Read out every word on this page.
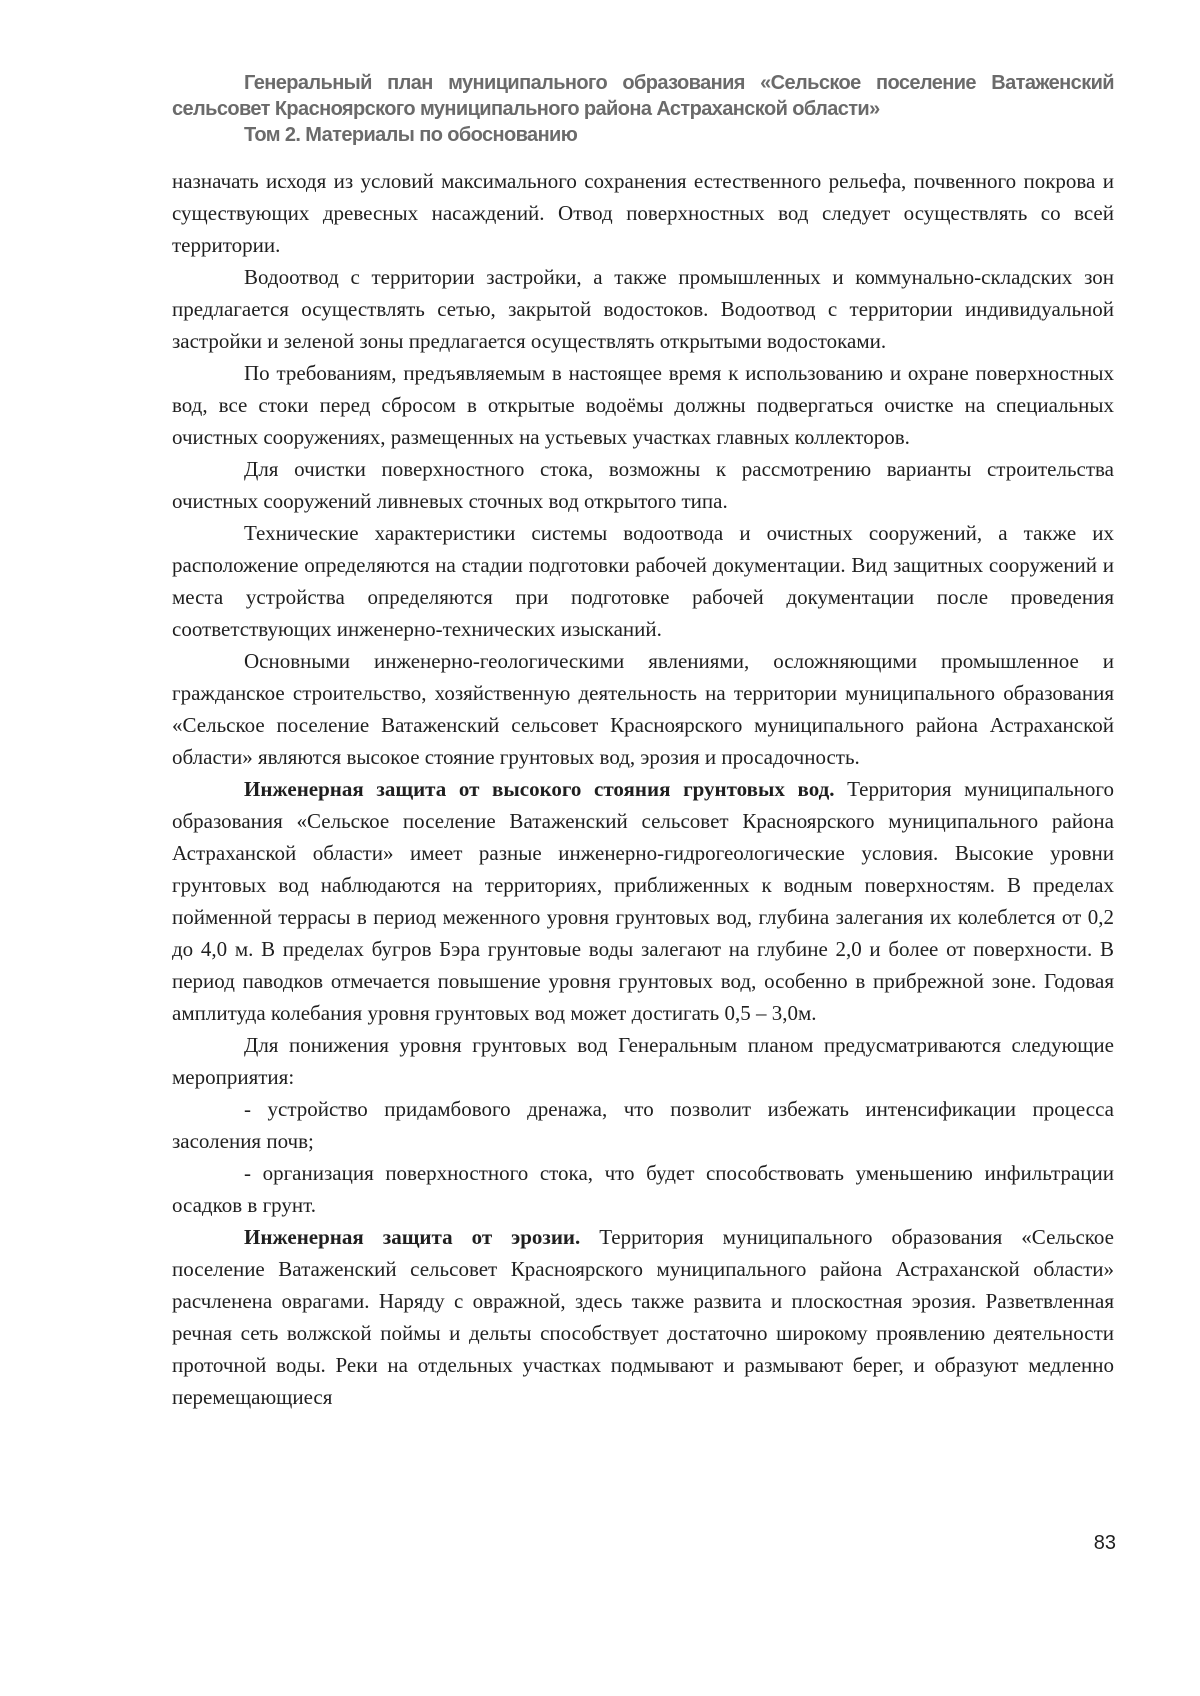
Генеральный план муниципального образования «Сельское поселение Ватаженский
сельсовет Красноярского муниципального района Астраханской области»
Том 2. Материалы по обоснованию

назначать исходя из условий максимального сохранения естественного рельефа, почвенного покрова и существующих древесных насаждений. Отвод поверхностных вод следует осуществлять со всей территории.

Водоотвод с территории застройки, а также промышленных и коммунально-складских зон предлагается осуществлять сетью, закрытой водостоков. Водоотвод с территории индивидуальной застройки и зеленой зоны предлагается осуществлять открытыми водостоками.

По требованиям, предъявляемым в настоящее время к использованию и охране поверхностных вод, все стоки перед сбросом в открытые водоёмы должны подвергаться очистке на специальных очистных сооружениях, размещенных на устьевых участках главных коллекторов.

Для очистки поверхностного стока, возможны к рассмотрению варианты строительства очистных сооружений ливневых сточных вод открытого типа.

Технические характеристики системы водоотвода и очистных сооружений, а также их расположение определяются на стадии подготовки рабочей документации. Вид защитных сооружений и места устройства определяются при подготовке рабочей документации после проведения соответствующих инженерно-технических изысканий.

Основными инженерно-геологическими явлениями, осложняющими промышленное и гражданское строительство, хозяйственную деятельность на территории муниципального образования «Сельское поселение Ватаженский сельсовет Красноярского муниципального района Астраханской области» являются высокое стояние грунтовых вод, эрозия и просадочность.

Инженерная защита от высокого стояния грунтовых вод. Территория муниципального образования «Сельское поселение Ватаженский сельсовет Красноярского муниципального района Астраханской области» имеет разные инженерно-гидрогеологические условия. Высокие уровни грунтовых вод наблюдаются на территориях, приближенных к водным поверхностям. В пределах пойменной террасы в период меженного уровня грунтовых вод, глубина залегания их колеблется от 0,2 до 4,0 м. В пределах бугров Бэра грунтовые воды залегают на глубине 2,0 и более от поверхности. В период паводков отмечается повышение уровня грунтовых вод, особенно в прибрежной зоне. Годовая амплитуда колебания уровня грунтовых вод может достигать 0,5 – 3,0м.

Для понижения уровня грунтовых вод Генеральным планом предусматриваются следующие мероприятия:

- устройство придамбового дренажа, что позволит избежать интенсификации процесса засоления почв;

- организация поверхностного стока, что будет способствовать уменьшению инфильтрации осадков в грунт.

Инженерная защита от эрозии. Территория муниципального образования «Сельское поселение Ватаженский сельсовет Красноярского муниципального района Астраханской области» расчленена оврагами. Наряду с овражной, здесь также развита и плоскостная эрозия. Разветвленная речная сеть волжской поймы и дельты способствует достаточно широкому проявлению деятельности проточной воды. Реки на отдельных участках подмывают и размывают берег, и образуют медленно перемещающиеся

83
